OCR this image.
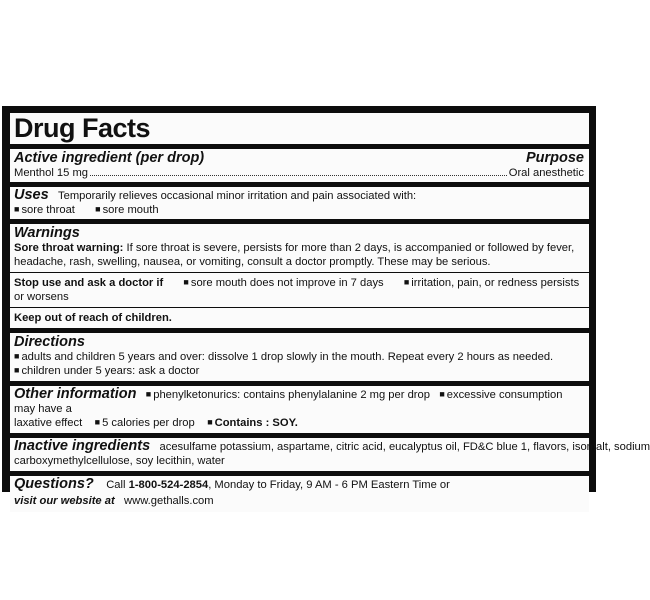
Drug Facts
Active ingredient (per drop)	Purpose
Menthol 15 mg	Oral anesthetic
Uses Temporarily relieves occasional minor irritation and pain associated with:
■ sore throat ■ sore mouth
Warnings
Sore throat warning: If sore throat is severe, persists for more than 2 days, is accompanied or followed by fever,
headache, rash, swelling, nausea, or vomiting, consult a doctor promptly. These may be serious.
Stop use and ask a doctor if ■ sore mouth does not improve in 7 days ■ irritation, pain, or redness persists or worsens
Keep out of reach of children.
Directions
■ adults and children 5 years and over: dissolve 1 drop slowly in the mouth. Repeat every 2 hours as needed.
■ children under 5 years: ask a doctor
Other information ■ phenylketonurics: contains phenylalanine 2 mg per drop ■ excessive consumption may have a
laxative effect ■ 5 calories per drop ■ Contains : SOY.
Inactive ingredients acesulfame potassium, aspartame, citric acid, eucalyptus oil, FD&C blue 1, flavors, isomalt, sodium
carboxymethylcellulose, soy lecithin, water
Questions? Call 1-800-524-2854, Monday to Friday, 9 AM - 6 PM Eastern Time or
visit our website at www.gethalls.com
